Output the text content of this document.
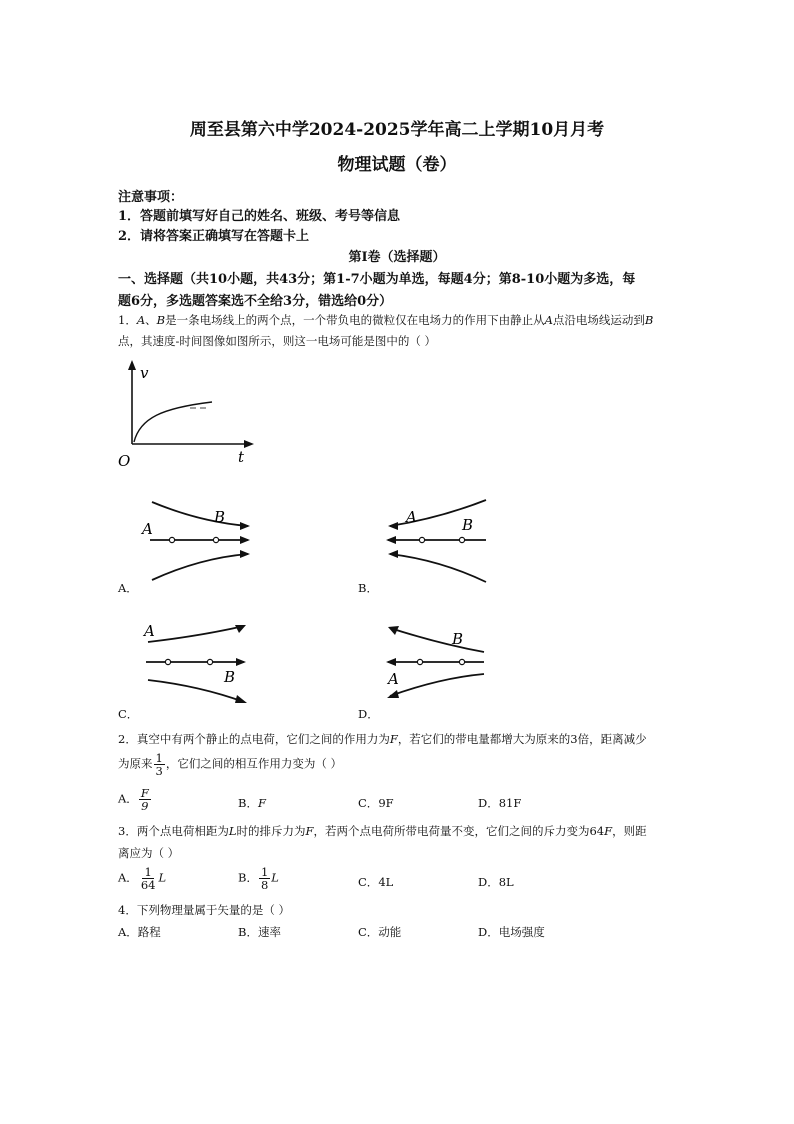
周至县第六中学2024-2025学年高二上学期10月月考
物理试题（卷）
注意事项：
1．答题前填写好自己的姓名、班级、考号等信息
2．请将答案正确填写在答题卡上
第Ⅰ卷（选择题）
一、选择题（共10小题，共43分；第1-7小题为单选，每题4分；第8-10小题为多选，每
题6分，多选题答案选不全给3分，错选给0分）
1．A、B是一条电场线上的两个点，一个带负电的微粒仅在电场力的作用下由静止从A点沿电场线运动到B
点，其速度-时间图像如图所示，则这一电场可能是图中的（ ）
v
t
O
A
B
A．
A	B
B．
A
B
C．
B
A
D．
2．真空中有两个静止的点电荷，它们之间的作用力为F，若它们的带电量都增大为原来的3倍，距离减少
为原来 $\frac{1}{3}$ ，它们之间的相互作用力变为（ ）
A． $\frac{F}{9}$	B．F	C．9F	D．81F
3．两个点电荷相距为L时的排斥力为F，若两个点电荷所带电荷量不变，它们之间的斥力变为64F，则距
离应为（ ）
A． $\frac{1}{64}$ L	B． $\frac{1}{8}$ L	C．4L	D．8L
4．下列物理量属于矢量的是（ ）
A．路程	B．速率	C．动能	D．电场强度
